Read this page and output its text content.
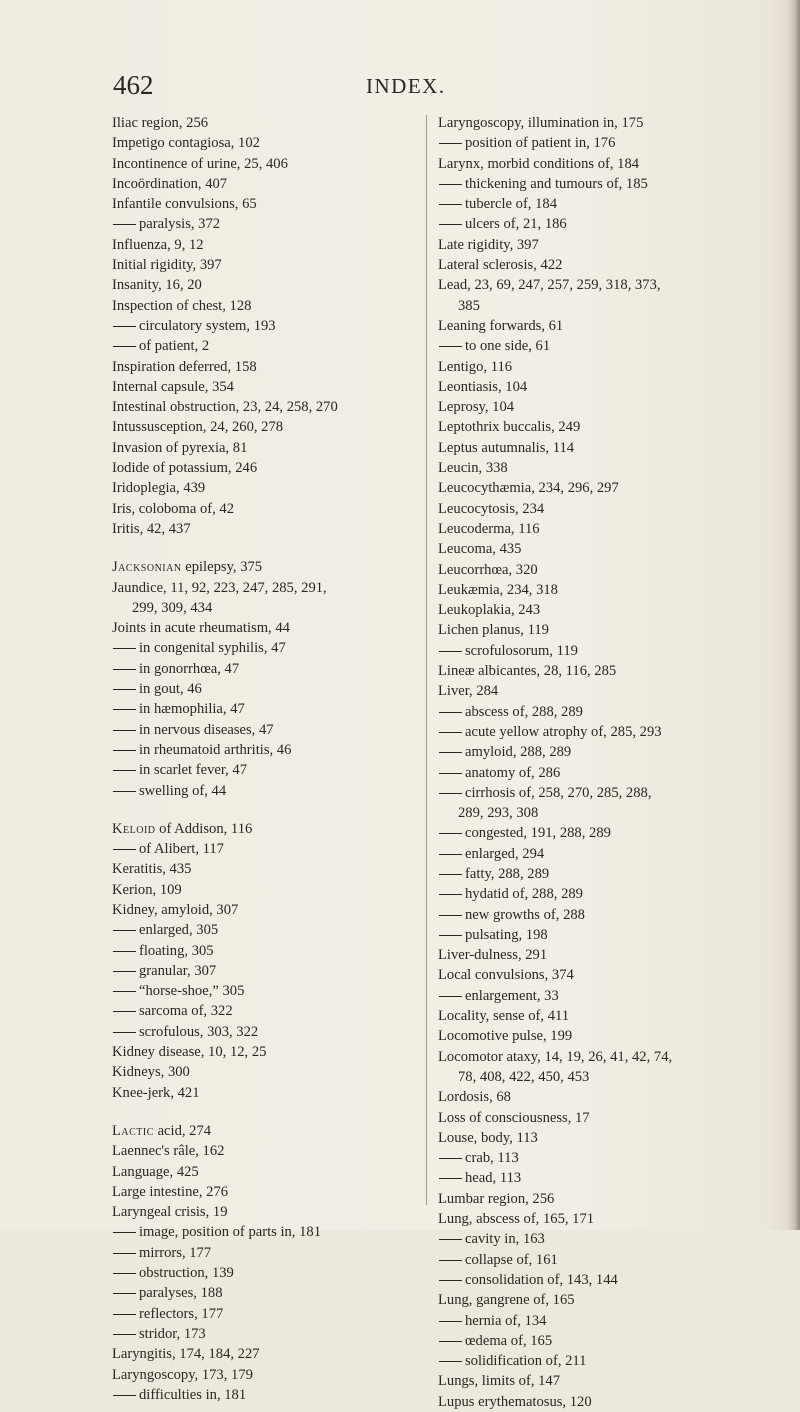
462	INDEX.
Iliac region, 256
Impetigo contagiosa, 102
Incontinence of urine, 25, 406
Incoördination, 407
Infantile convulsions, 65
paralysis, 372
Influenza, 9, 12
Initial rigidity, 397
Insanity, 16, 20
Inspection of chest, 128
circulatory system, 193
of patient, 2
Inspiration deferred, 158
Internal capsule, 354
Intestinal obstruction, 23, 24, 258, 270
Intussusception, 24, 260, 278
Invasion of pyrexia, 81
Iodide of potassium, 246
Iridoplegia, 439
Iris, coloboma of, 42
Iritis, 42, 437
Jacksonian epilepsy, 375
Jaundice, 11, 92, 223, 247, 285, 291,
299, 309, 434
Joints in acute rheumatism, 44
in congenital syphilis, 47
in gonorrhœa, 47
in gout, 46
in hæmophilia, 47
in nervous diseases, 47
in rheumatoid arthritis, 46
in scarlet fever, 47
swelling of, 44
Keloid of Addison, 116
of Alibert, 117
Keratitis, 435
Kerion, 109
Kidney, amyloid, 307
enlarged, 305
floating, 305
granular, 307
“horse-shoe,” 305
sarcoma of, 322
scrofulous, 303, 322
Kidney disease, 10, 12, 25
Kidneys, 300
Knee-jerk, 421
Lactic acid, 274
Laennec's râle, 162
Language, 425
Large intestine, 276
Laryngeal crisis, 19
image, position of parts in, 181
mirrors, 177
obstruction, 139
paralyses, 188
reflectors, 177
stridor, 173
Laryngitis, 174, 184, 227
Laryngoscopy, 173, 179
difficulties in, 181
Laryngoscopy, illumination in, 175
position of patient in, 176
Larynx, morbid conditions of, 184
thickening and tumours of, 185
tubercle of, 184
ulcers of, 21, 186
Late rigidity, 397
Lateral sclerosis, 422
Lead, 23, 69, 247, 257, 259, 318, 373,
385
Leaning forwards, 61
to one side, 61
Lentigo, 116
Leontiasis, 104
Leprosy, 104
Leptothrix buccalis, 249
Leptus autumnalis, 114
Leucin, 338
Leucocythæmia, 234, 296, 297
Leucocytosis, 234
Leucoderma, 116
Leucoma, 435
Leucorrhœa, 320
Leukæmia, 234, 318
Leukoplakia, 243
Lichen planus, 119
scrofulosorum, 119
Lineæ albicantes, 28, 116, 285
Liver, 284
abscess of, 288, 289
acute yellow atrophy of, 285, 293
amyloid, 288, 289
anatomy of, 286
cirrhosis of, 258, 270, 285, 288,
289, 293, 308
congested, 191, 288, 289
enlarged, 294
fatty, 288, 289
hydatid of, 288, 289
new growths of, 288
pulsating, 198
Liver-dulness, 291
Local convulsions, 374
enlargement, 33
Locality, sense of, 411
Locomotive pulse, 199
Locomotor ataxy, 14, 19, 26, 41, 42, 74,
78, 408, 422, 450, 453
Lordosis, 68
Loss of consciousness, 17
Louse, body, 113
crab, 113
head, 113
Lumbar region, 256
Lung, abscess of, 165, 171
cavity in, 163
collapse of, 161
consolidation of, 143, 144
Lung, gangrene of, 165
hernia of, 134
œdema of, 165
solidification of, 211
Lungs, limits of, 147
Lupus erythematosus, 120
